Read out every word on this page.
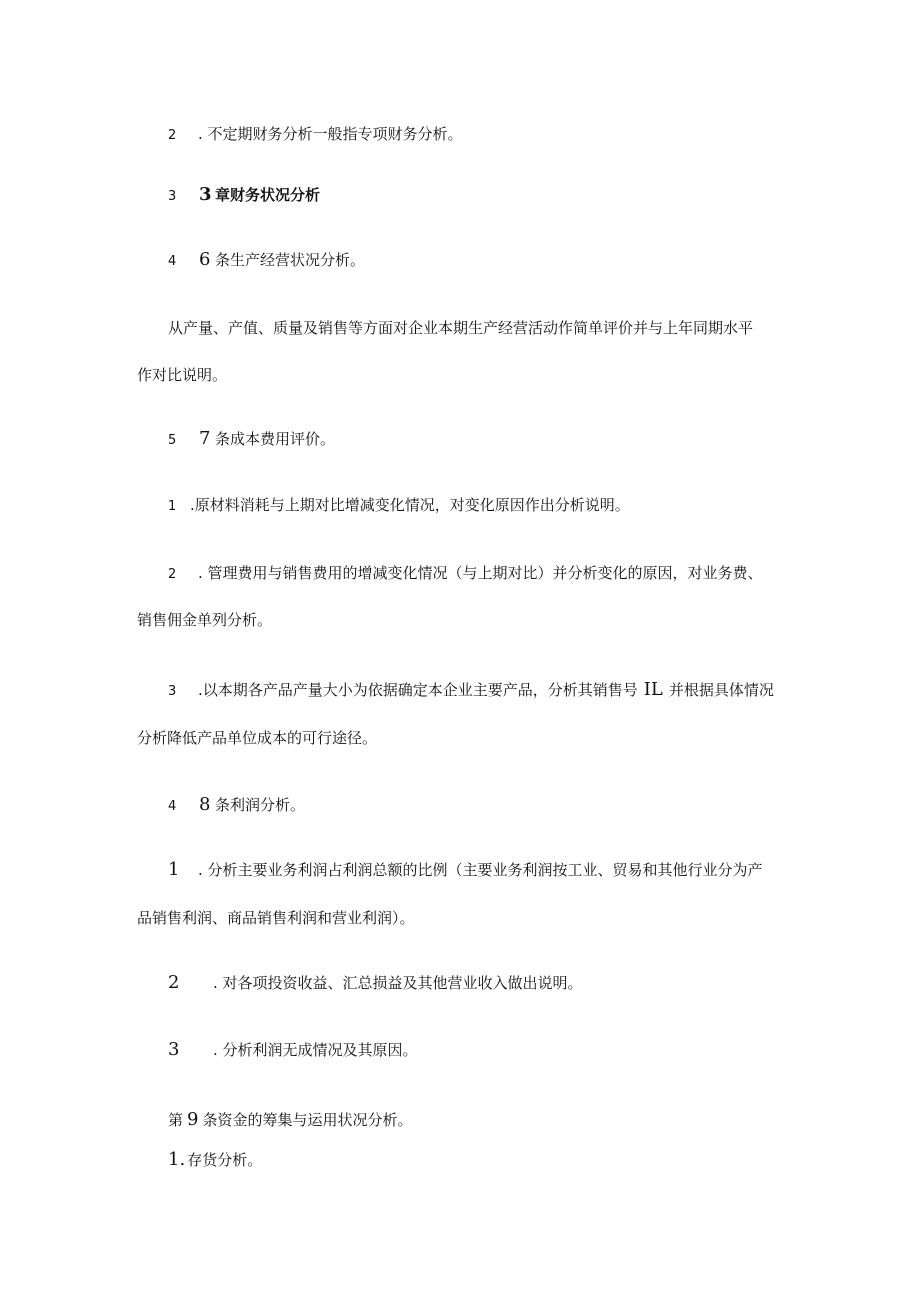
2 . 不定期财务分析一般指专项财务分析。
3 3 章财务状况分析
4 6 条生产经营状况分析。
从产量、产值、质量及销售等方面对企业本期生产经营活动作简单评价并与上年同期水平
作对比说明。
5 7 条成本费用评价。
1 .原材料消耗与上期对比增减变化情况，对变化原因作出分析说明。
2 . 管理费用与销售费用的增减变化情况（与上期对比）并分析变化的原因，对业务费、
销售佣金单列分析。
3 .以本期各产品产量大小为依据确定本企业主要产品，分析其销售号 IL 并根据具体情况
分析降低产品单位成本的可行途径。
4 8 条利润分析。
1 . 分析主要业务利润占利润总额的比例（主要业务利润按工业、贸易和其他行业分为产
品销售利润、商品销售利润和营业利润）。
2 . 对各项投资收益、汇总损益及其他营业收入做出说明。
3 . 分析利润无成情况及其原因。
第 9 条资金的筹集与运用状况分析。
1. 存货分析。
